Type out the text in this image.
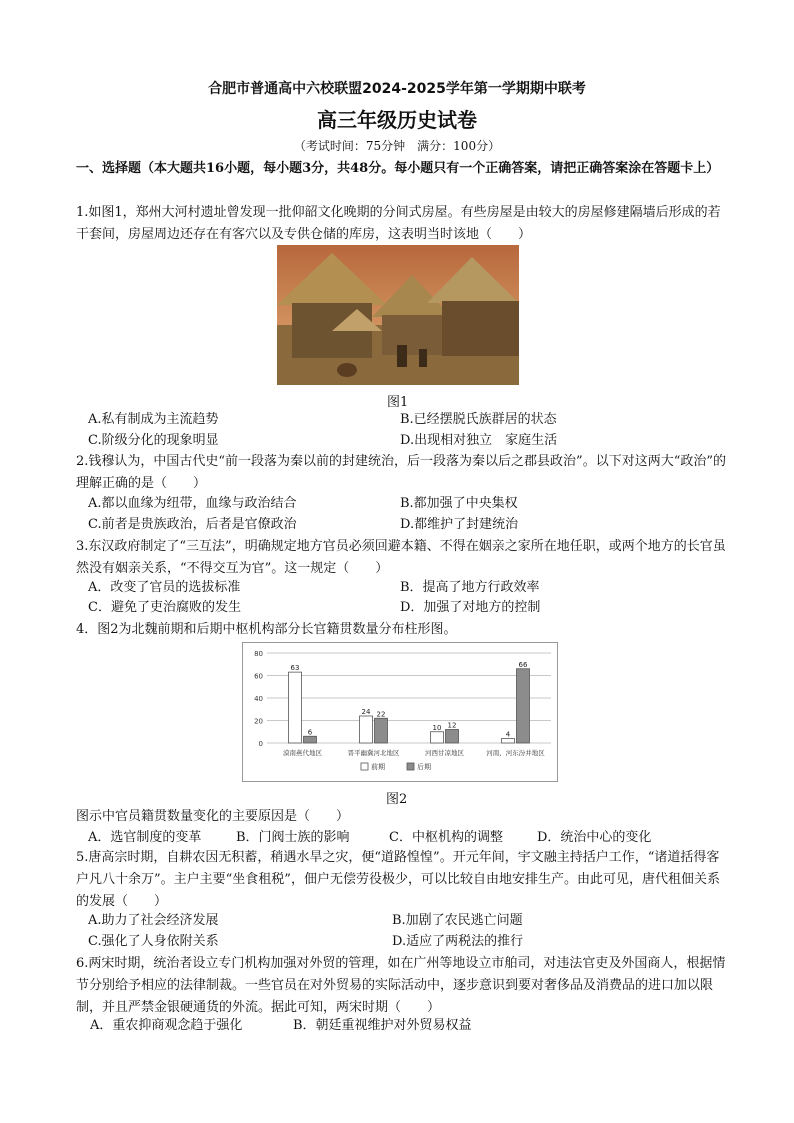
合肥市普通高中六校联盟2024-2025学年第一学期期中联考
高三年级历史试卷
（考试时间：75分钟　满分：100分）
一、选择题（本大题共16小题，每小题3分，共48分。每小题只有一个正确答案，请把正确答案涂在答题卡上）
1.如图1，郑州大河村遗址曾发现一批仰韶文化晚期的分间式房屋。有些房屋是由较大的房屋修建隔墙后形成的若干套间，房屋周边还存在有客穴以及专供仓储的库房，这表明当时该地（　　）
图1
A.私有制成为主流趋势	B.已经摆脱氏族群居的状态
C.阶级分化的现象明显	D.出现相对独立　家庭生活
2.钱穆认为，中国古代史“前一段落为秦以前的封建统治，后一段落为秦以后之郡县政治”。以下对这两大“政治”的理解正确的是（　　）
A.都以血缘为纽带，血缘与政治结合	B.都加强了中央集权
C.前者是贵族政治，后者是官僚政治	D.都维护了封建统治
3.东汉政府制定了“三互法”，明确规定地方官员必须回避本籍、不得在姻亲之家所在地任职，或两个地方的长官虽然没有姻亲关系，“不得交互为官”。这一规定（　　）
A．改变了官员的选拔标准	B．提高了地方行政效率
C．避免了吏治腐败的发生	D．加强了对地方的控制
4．图2为北魏前期和后期中枢机构部分长官籍贯数量分布柱形图。
0
20
40
60
80
63
6
漠南燕代地区
24 22
晋平幽冀河北地区
10 12
河西甘凉地区
4
66
河南、河东汾并地区
前期	后期
图2
图示中官员籍贯数量变化的主要原因是（　　）
A．选官制度的变革	B．门阀士族的影响	C．中枢机构的调整	D．统治中心的变化
5.唐高宗时期，自耕农因无积蓄，稍遇水旱之灾，便“道路惶惶”。开元年间，宇文融主持括户工作，“诸道括得客户凡八十余万”。主户主要“坐食租税”，佃户无偿劳役极少，可以比较自由地安排生产。由此可见，唐代租佃关系的发展（　　）
A.助力了社会经济发展	B.加剧了农民逃亡问题
C.强化了人身依附关系	D.适应了两税法的推行
6.两宋时期，统治者设立专门机构加强对外贸的管理，如在广州等地设立市舶司，对违法官吏及外国商人，根据情节分别给予相应的法律制裁。一些官员在对外贸易的实际活动中，逐步意识到要对奢侈品及消费品的进口加以限制，并且严禁金银硬通货的外流。据此可知，两宋时期（　　）
A．重农抑商观念趋于强化	B．朝廷重视维护对外贸易权益
